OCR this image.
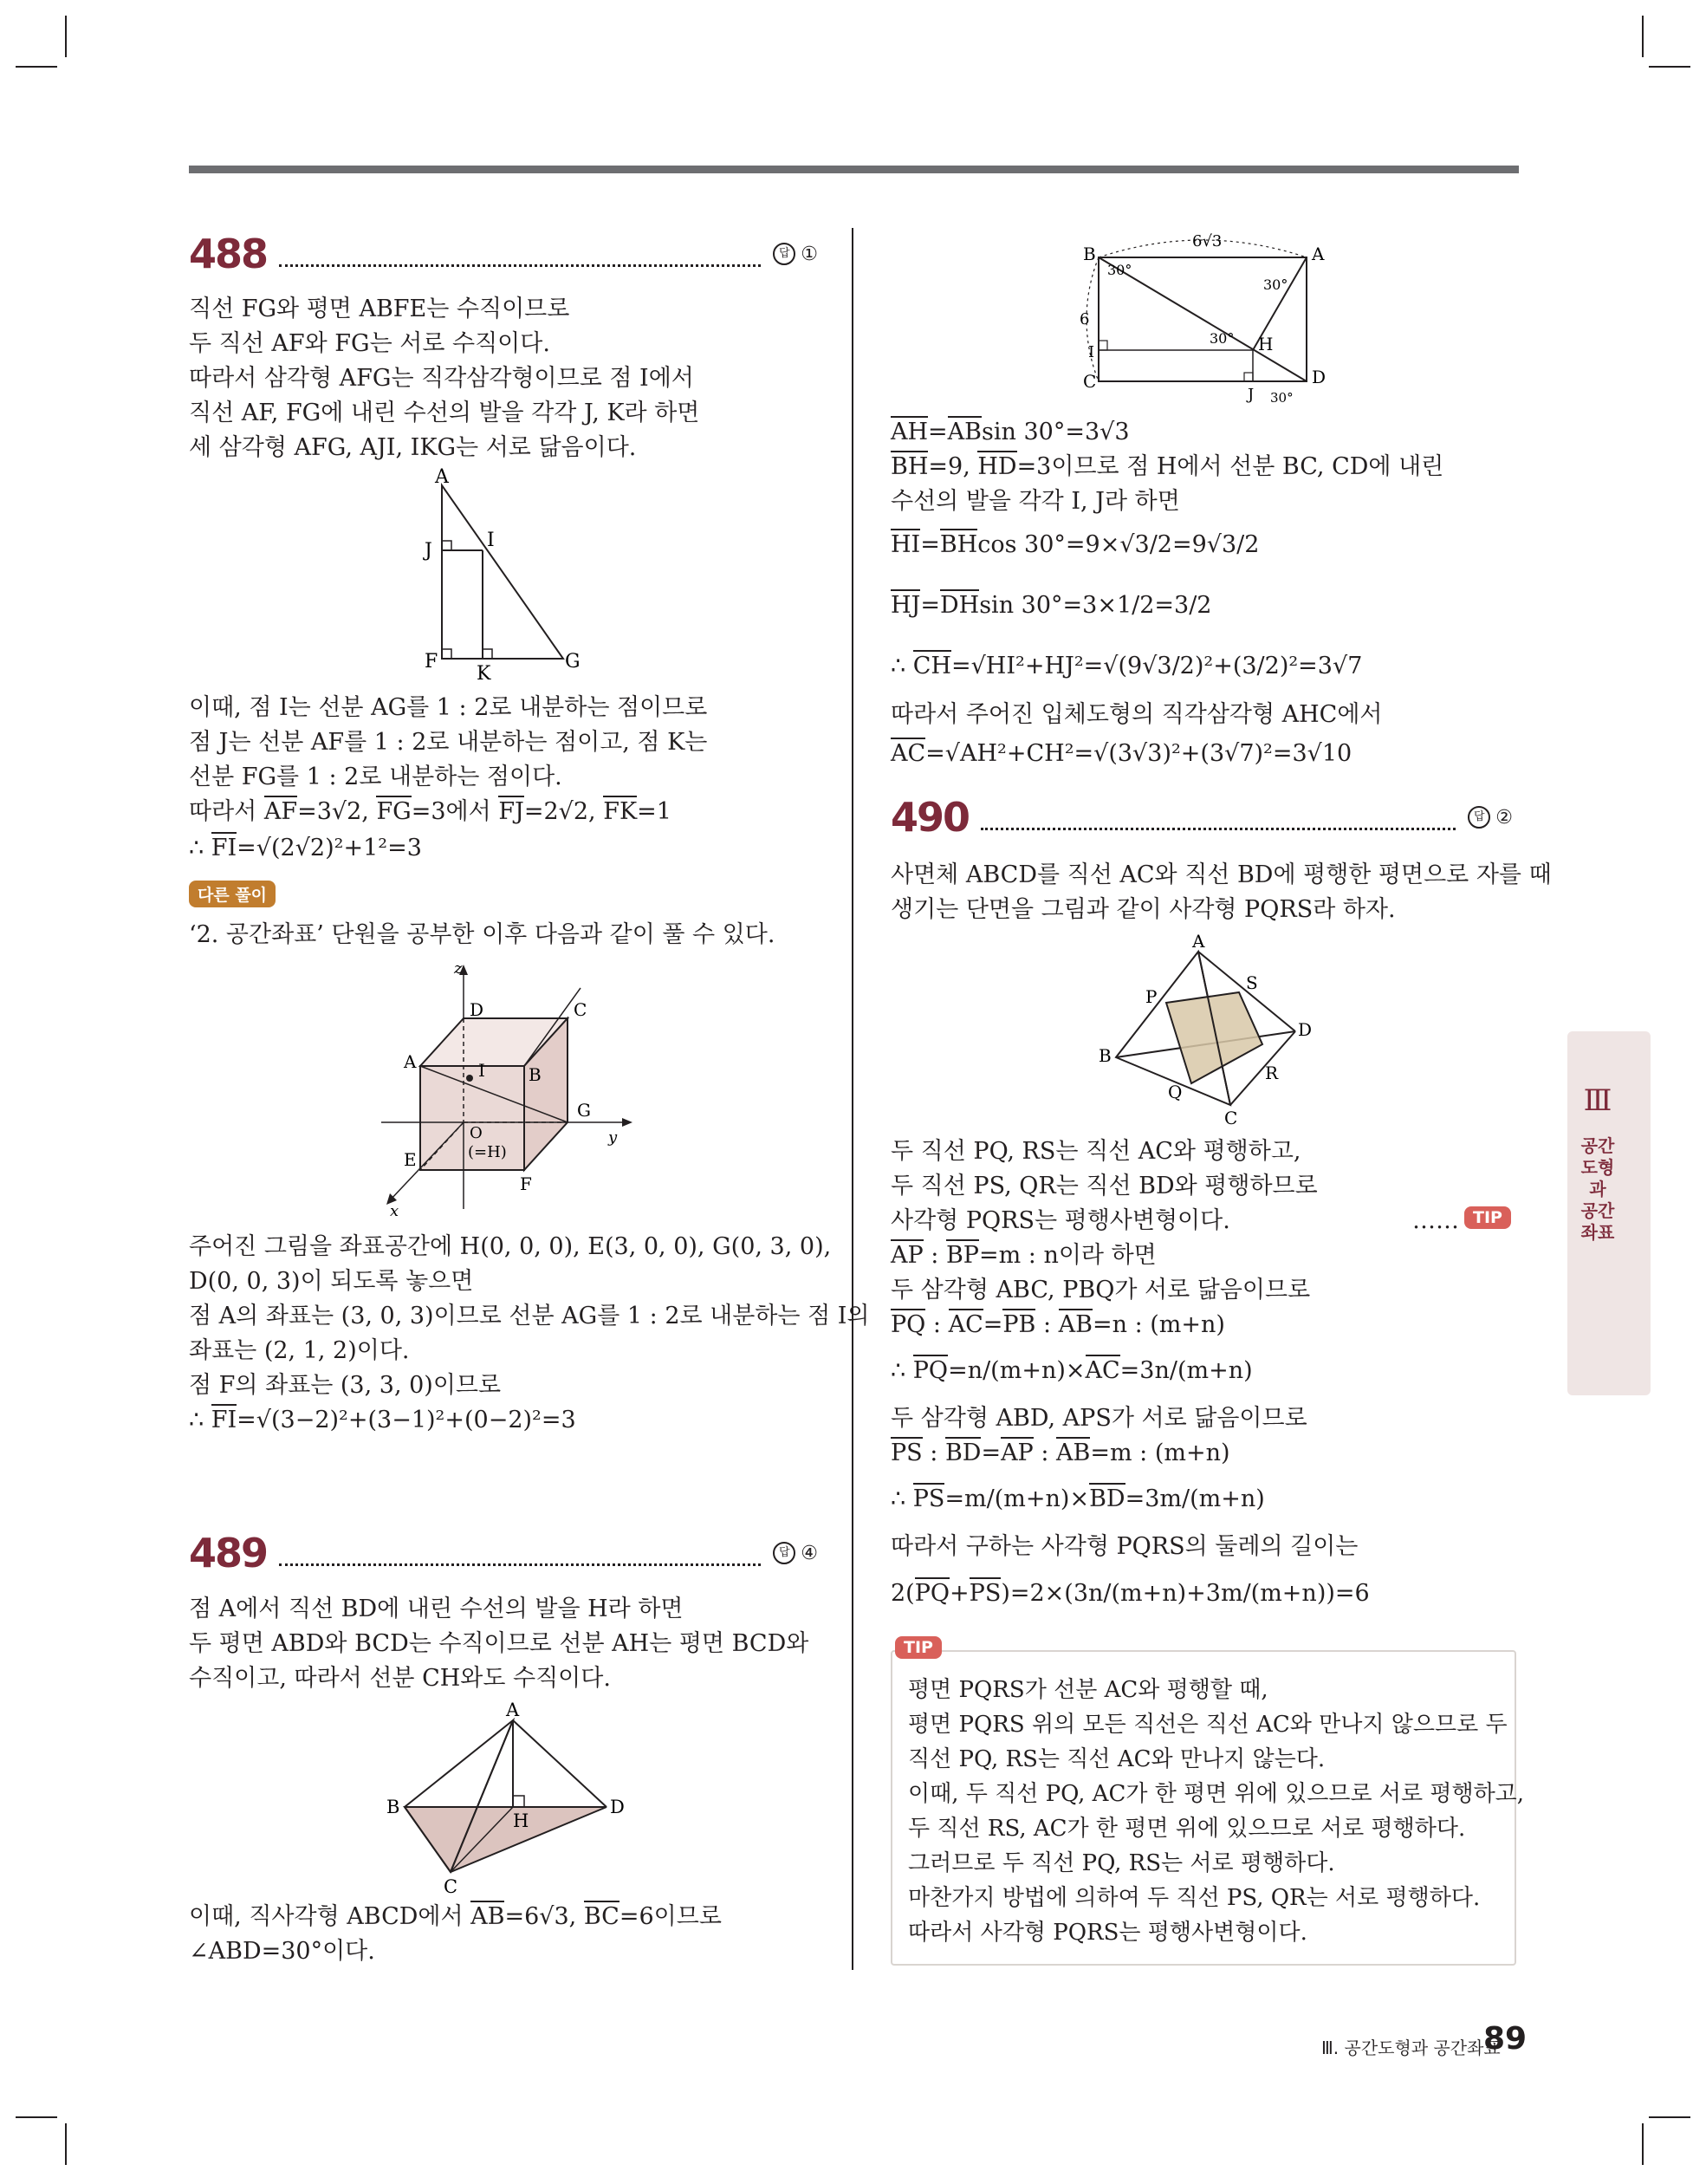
488	답 ①
직선 FG와 평면 ABFE는 수직이므로
두 직선 AF와 FG는 서로 수직이다.
따라서 삼각형 AFG는 직각삼각형이므로 점 I에서
직선 AF, FG에 내린 수선의 발을 각각 J, K라 하면
세 삼각형 AFG, AJI, IKG는 서로 닮음이다.
A
J	I
F
K
G
이때, 점 I는 선분 AG를 1 : 2로 내분하는 점이므로
점 J는 선분 AF를 1 : 2로 내분하는 점이고, 점 K는
선분 FG를 1 : 2로 내분하는 점이다.
따라서 AF=3√2, FG=3에서 FJ=2√2, FK=1
∴ FI=√(2√2)²+1²=3
다른 풀이
‘2. 공간좌표’ 단원을 공부한 이후 다음과 같이 풀 수 있다.
z
D	C
A	I	B
G
O
(=H)
y
E
F
x
주어진 그림을 좌표공간에 H(0, 0, 0), E(3, 0, 0), G(0, 3, 0),
D(0, 0, 3)이 되도록 놓으면
점 A의 좌표는 (3, 0, 3)이므로 선분 AG를 1 : 2로 내분하는 점 I의
좌표는 (2, 1, 2)이다.
점 F의 좌표는 (3, 3, 0)이므로
∴ FI=√(3−2)²+(3−1)²+(0−2)²=3
489	답 ④
점 A에서 직선 BD에 내린 수선의 발을 H라 하면
두 평면 ABD와 BCD는 수직이므로 선분 AH는 평면 BCD와
수직이고, 따라서 선분 CH와도 수직이다.
A
B
H
D
C
이때, 직사각형 ABCD에서 AB=6√3, BC=6이므로
∠ABD=30°이다.
6√3
B	A
30°
30°
6
I
30° H
C
J 30°
D
AH=ABsin 30°=3√3
BH=9, HD=3이므로 점 H에서 선분 BC, CD에 내린
수선의 발을 각각 I, J라 하면
HI=BHcos 30°=9×√3/2=9√3/2
HJ=DHsin 30°=3×1/2=3/2
∴ CH=√HI²+HJ²=√(9√3/2)²+(3/2)²=3√7
따라서 주어진 입체도형의 직각삼각형 AHC에서
AC=√AH²+CH²=√(3√3)²+(3√7)²=3√10
490	답 ②
사면체 ABCD를 직선 AC와 직선 BD에 평행한 평면으로 자를 때
생기는 단면을 그림과 같이 사각형 PQRS라 하자.
A
P
S
D
B
R
Q
C
두 직선 PQ, RS는 직선 AC와 평행하고,
두 직선 PS, QR는 직선 BD와 평행하므로
사각형 PQRS는 평행사변형이다.	…… TIP
AP : BP=m : n이라 하면
두 삼각형 ABC, PBQ가 서로 닮음이므로
PQ : AC=PB : AB=n : (m+n)
∴ PQ=n/(m+n)×AC=3n/(m+n)
두 삼각형 ABD, APS가 서로 닮음이므로
PS : BD=AP : AB=m : (m+n)
∴ PS=m/(m+n)×BD=3m/(m+n)
따라서 구하는 사각형 PQRS의 둘레의 길이는
2(PQ+PS)=2×(3n/(m+n)+3m/(m+n))=6
TIP
평면 PQRS가 선분 AC와 평행할 때,
평면 PQRS 위의 모든 직선은 직선 AC와 만나지 않으므로 두
직선 PQ, RS는 직선 AC와 만나지 않는다.
이때, 두 직선 PQ, AC가 한 평면 위에 있으므로 서로 평행하고,
두 직선 RS, AC가 한 평면 위에 있으므로 서로 평행하다.
그러므로 두 직선 PQ, RS는 서로 평행하다.
마찬가지 방법에 의하여 두 직선 PS, QR는 서로 평행하다.
따라서 사각형 PQRS는 평행사변형이다.
Ⅲ
공간도형과 공간좌표
Ⅲ. 공간도형과 공간좌표
89
